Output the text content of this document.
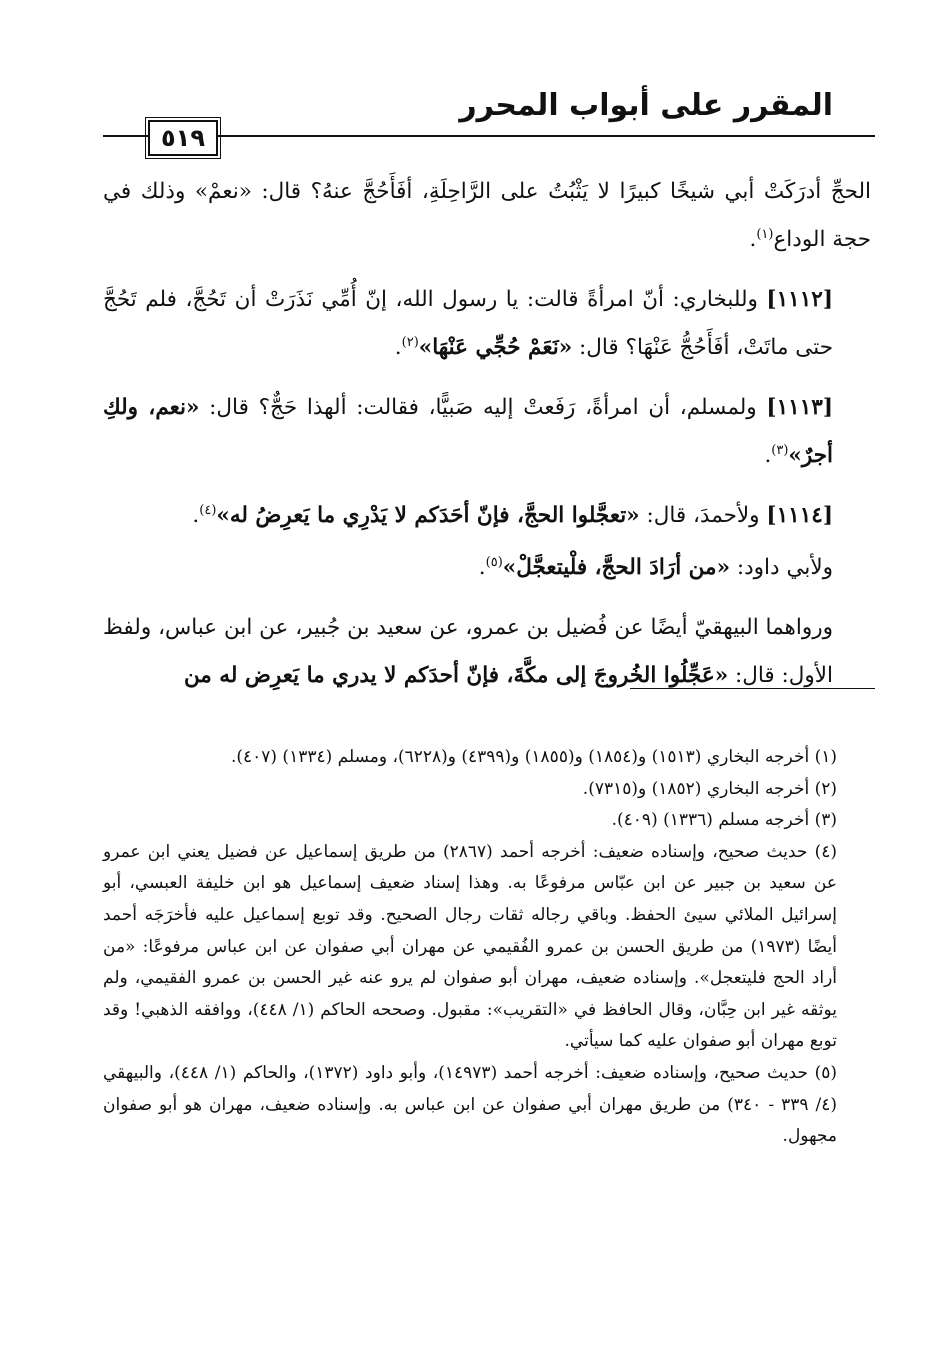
المقرر على أبواب المحرر
٥١٩

الحجِّ أدرَكَتْ أبي شيخًا كبيرًا لا يَثْبُتُ على الرَّاحِلَةِ، أفَأَحُجَّ عنهُ؟ قال: «نعمْ» وذلك في حجة الوداع$^{(١)}$.

[١١١٢] وللبخاري: أنّ امرأةً قالت: يا رسول الله، إنّ أُمِّي نَذَرَتْ أن تَحُجَّ، فلم تَحُجَّ حتى ماتَتْ، أفَأَحُجُّ عَنْهَا؟ قال: «نَعَمْ حُجِّي عَنْهَا»$^{(٢)}$.

[١١١٣] ولمسلم، أن امرأةً، رَفَعتْ إليه صَبيًّا، فقالت: ألهذا حَجٌّ؟ قال: «نعم، ولكِ أجرٌ»$^{(٣)}$.

[١١١٤] ولأحمدَ، قال: «تعجَّلوا الحجَّ، فإنّ أحَدَكم لا يَدْرِي ما يَعرِضُ له»$^{(٤)}$.

ولأبي داود: «من أرَادَ الحجَّ، فلْيتعجَّلْ»$^{(٥)}$.

ورواهما البيهقيّ أيضًا عن فُضيل بن عمرو، عن سعيد بن جُبير، عن ابن عباس، ولفظ الأول: قال: «عَجِّلُوا الخُروجَ إلى مكَّةَ، فإنّ أحدَكم لا يدري ما يَعرِض له من

(١) أخرجه البخاري (١٥١٣) و(١٨٥٤) و(١٨٥٥) و(٤٣٩٩) و(٦٢٢٨)، ومسلم (١٣٣٤) (٤٠٧).

(٢) أخرجه البخاري (١٨٥٢) و(٧٣١٥).

(٣) أخرجه مسلم (١٣٣٦) (٤٠٩).

(٤) حديث صحيح، وإسناده ضعيف: أخرجه أحمد (٢٨٦٧) من طريق إسماعيل عن فضيل يعني ابن عمرو عن سعيد بن جبير عن ابن عبّاس مرفوعًا به. وهذا إسناد ضعيف إسماعيل هو ابن خليفة العبسي، أبو إسرائيل الملائي سيئ الحفظ. وباقي رجاله ثقات رجال الصحيح. وقد توبع إسماعيل عليه فأخرَجَه أحمد أيضًا (١٩٧٣) من طريق الحسن بن عمرو الفُقيمي عن مهران أبي صفوان عن ابن عباس مرفوعًا: «من أراد الحج فليتعجل». وإسناده ضعيف، مهران أبو صفوان لم يرو عنه غير الحسن بن عمرو الفقيمي، ولم يوثقه غير ابن حِبَّان، وقال الحافظ في «التقريب»: مقبول. وصححه الحاكم (١/ ٤٤٨)، ووافقه الذهبي! وقد توبع مهران أبو صفوان عليه كما سيأتي.

(٥) حديث صحيح، وإسناده ضعيف: أخرجه أحمد (١٤٩٧٣)، وأبو داود (١٣٧٢)، والحاكم (١/ ٤٤٨)، والبيهقي (٤/ ٣٣٩ - ٣٤٠) من طريق مهران أبي صفوان عن ابن عباس به. وإسناده ضعيف، مهران هو أبو صفوان مجهول.
